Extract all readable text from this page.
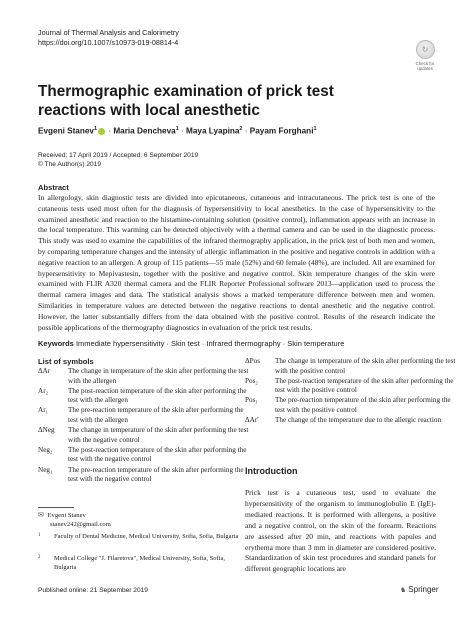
Journal of Thermal Analysis and Calorimetry
https://doi.org/10.1007/s10973-019-08814-4
↻
Check for
updates
Thermographic examination of prick test reactions with local anesthetic
Evgeni Stanev$^1$ · Maria Dencheva$^1$ · Maya Lyapina$^2$ · Payam Forghani$^1$
Received: 17 April 2019 / Accepted: 6 September 2019
© The Author(s) 2019
Abstract
In allergology, skin diagnostic tests are divided into epicutaneous, cutaneous and intracutaneous. The prick test is one of the cutaneous tests used most often for the diagnosis of hypersensitivity to local anesthetics. In the case of hypersensitivity to the examined anesthetic and reaction to the histamine-containing solution (positive control), inflammation appears with an increase in the local temperature. This warming can be detected objectively with a thermal camera and can be used in the diagnostic process. This study was used to examine the capabilities of the infrared thermography application, in the prick test of both men and women, by comparing temperature changes and the intensity of allergic inflammation in the positive and negative controls in addition with a negative reaction to an allergen. A group of 115 patients—55 male (52%) and 60 female (48%), are included. All are examined for hypersensitivity to Mepivastesin, together with the positive and negative control. Skin temperature changes of the skin were examined with FLIR A320 thermal camera and the FLIR Reporter Professional software 2013—application used to process the thermal camera images and data. The statistical analysis shows a marked temperature difference between men and women. Similarities in temperature values are detected between the negative reactions to dental anesthetic and the negative control. However, the latter substantially differs from the data obtained with the positive control. Results of the research indicate the possible applications of the thermography diagnostics in evaluation of the prick test results.
Keywords Immediate hypersensitivity · Skin test · Infrared thermography · Skin temperature
List of symbols
ΔAr	The change in temperature of the skin after performing the test with the allergen
Ar₂	The post-reaction temperature of the skin after performing the test with the allergen
Ar₁	The pre-reaction temperature of the skin after performing the test with the allergen
ΔNeg	The change in temperature of the skin after performing the test with the negative control
Neg₂	The post-reaction temperature of the skin after performing the test with the negative control
Neg₁	The pre-reaction temperature of the skin after performing the test with the negative control
ΔPos	The change in temperature of the skin after performing the test with the positive control
Pos₂	The post-reaction temperature of the skin after performing the test with the positive control
Pos₁	The pre-reaction temperature of the skin after performing the test with the positive control
ΔAr'	The change of the temperature due to the allergic reaction
Introduction
Prick test is a cutaneous test, used to evaluate the hypersensitivity of the organism to immunoglobulin E (IgE)-mediated reactions. It is performed with allergens, a positive and a negative control, on the skin of the forearm. Reactions are assessed after 20 min, and reactions with papules and erythema more than 3 mm in diameter are considered positive. Standardization of skin test procedures and standard panels for different geographic locations are
✉ Evgeni Stanev
stanev242@gmail.com
1 Faculty of Dental Medicine, Medical University, Sofia, Sofia, Bulgaria
2 Medical College "J. Filaretova", Medical University, Sofia, Sofia, Bulgaria
Published online: 21 September 2019	♞ Springer
